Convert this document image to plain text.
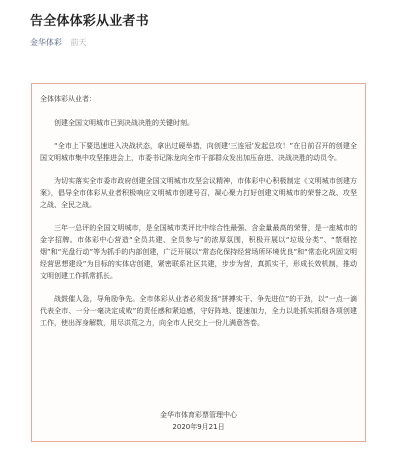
告全体体彩从业者书
金华体彩 前天

全体体彩从业者：

创建全国文明城市已到决战决胜的关键时刻。

“全市上下要迅速进入决战状态，拿出过硬举措，向创建‘三连冠’发起总攻！”在日前召开的创建全国文明城市集中攻坚推进会上，市委书记陈龙向全市干部群众发出加压奋进、决战决胜的动员令。

为切实落实全市委市政府创建全国文明城市攻坚会议精神，市体彩中心积极制定《文明城市创建方案》，倡导全市体彩从业者积极响应文明城市创建号召，凝心聚力打好创建文明城市的荣誉之战、攻坚之战、全民之战。

三年一总评的全国文明城市，是全国城市类评比中综合性最强、含金量最高的荣誉，是一座城市的金字招牌。市体彩中心营造“全员共建、全员参与”的浓厚氛围，积极开展以“垃圾分类”、“禁烟控烟”和“光盘行动”等为抓手的内部创建，广泛开展以“常态化保持经营场所环境优良”和“常态化巩固文明经营思想建设”为目标的实体店创建，紧密联系社区共建，步步为营，真抓实干，形成长效机制，推动文明创建工作抓常抓长。

战鼓催人急，导角励争先。全市体彩从业者必须发扬“拼搏实干、争先进位”的干劲，以“一点一滴代表全市、一分一毫决定成败”的责任感和紧迫感，守好阵地、提速加力，全力以赴抓实抓细各项创建工作，使出浑身解数，用尽洪荒之力，向全市人民交上一份儿满意答卷。

金华市体育彩票管理中心

2020年9月21日
